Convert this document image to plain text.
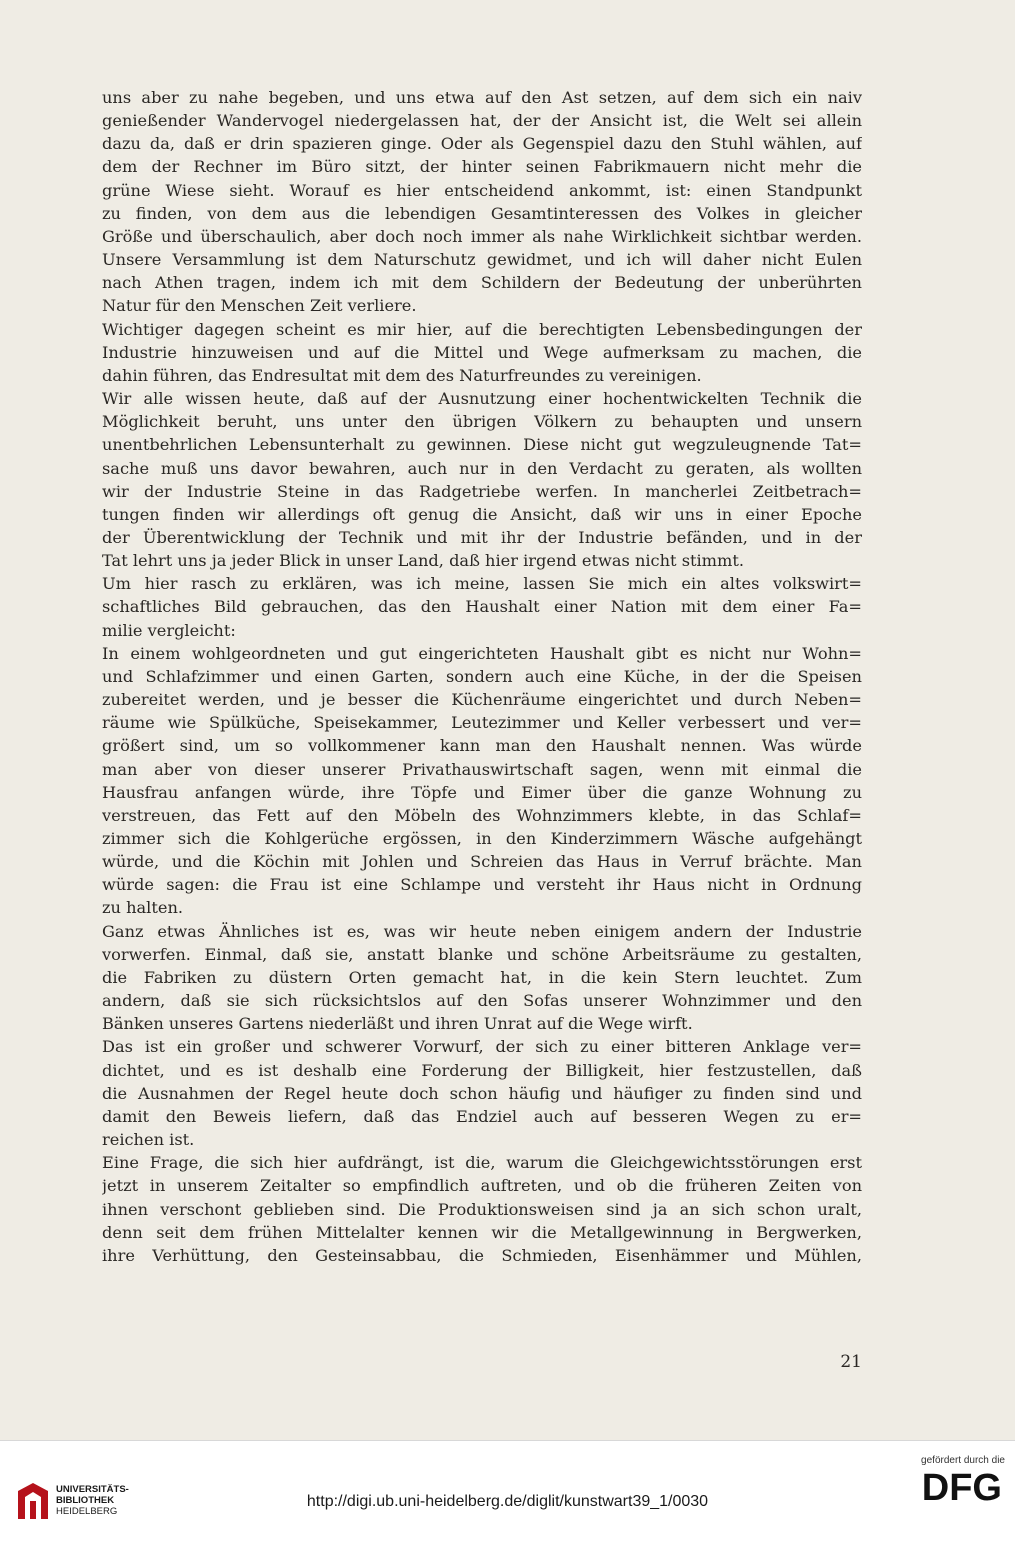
uns aber zu nahe begeben, und uns etwa auf den Ast setzen, auf dem sich ein naiv
genießender Wandervogel niedergelassen hat, der der Ansicht ist, die Welt sei allein
dazu da, daß er drin spazieren ginge. Oder als Gegenspiel dazu den Stuhl wählen, auf
dem der Rechner im Büro sitzt, der hinter seinen Fabrikmauern nicht mehr die
grüne Wiese sieht. Worauf es hier entscheidend ankommt, ist: einen Standpunkt
zu finden, von dem aus die lebendigen Gesamtinteressen des Volkes in gleicher
Größe und überschaulich, aber doch noch immer als nahe Wirklichkeit sichtbar werden.
Unsere Versammlung ist dem Naturschutz gewidmet, und ich will daher nicht Eulen
nach Athen tragen, indem ich mit dem Schildern der Bedeutung der unberührten
Natur für den Menschen Zeit verliere.
Wichtiger dagegen scheint es mir hier, auf die berechtigten Lebensbedingungen der
Industrie hinzuweisen und auf die Mittel und Wege aufmerksam zu machen, die
dahin führen, das Endresultat mit dem des Naturfreundes zu vereinigen.
Wir alle wissen heute, daß auf der Ausnutzung einer hochentwickelten Technik die
Möglichkeit beruht, uns unter den übrigen Völkern zu behaupten und unsern
unentbehrlichen Lebensunterhalt zu gewinnen. Diese nicht gut wegzuleugnende Tat=
sache muß uns davor bewahren, auch nur in den Verdacht zu geraten, als wollten
wir der Industrie Steine in das Radgetriebe werfen. In mancherlei Zeitbetrach=
tungen finden wir allerdings oft genug die Ansicht, daß wir uns in einer Epoche
der Überentwicklung der Technik und mit ihr der Industrie befänden, und in der
Tat lehrt uns ja jeder Blick in unser Land, daß hier irgend etwas nicht stimmt.
Um hier rasch zu erklären, was ich meine, lassen Sie mich ein altes volkswirt=
schaftliches Bild gebrauchen, das den Haushalt einer Nation mit dem einer Fa=
milie vergleicht:
In einem wohlgeordneten und gut eingerichteten Haushalt gibt es nicht nur Wohn=
und Schlafzimmer und einen Garten, sondern auch eine Küche, in der die Speisen
zubereitet werden, und je besser die Küchenräume eingerichtet und durch Neben=
räume wie Spülküche, Speisekammer, Leutezimmer und Keller verbessert und ver=
größert sind, um so vollkommener kann man den Haushalt nennen. Was würde
man aber von dieser unserer Privathauswirtschaft sagen, wenn mit einmal die
Hausfrau anfangen würde, ihre Töpfe und Eimer über die ganze Wohnung zu
verstreuen, das Fett auf den Möbeln des Wohnzimmers klebte, in das Schlaf=
zimmer sich die Kohlgerüche ergössen, in den Kinderzimmern Wäsche aufgehängt
würde, und die Köchin mit Johlen und Schreien das Haus in Verruf brächte. Man
würde sagen: die Frau ist eine Schlampe und versteht ihr Haus nicht in Ordnung
zu halten.
Ganz etwas Ähnliches ist es, was wir heute neben einigem andern der Industrie
vorwerfen. Einmal, daß sie, anstatt blanke und schöne Arbeitsräume zu gestalten,
die Fabriken zu düstern Orten gemacht hat, in die kein Stern leuchtet. Zum
andern, daß sie sich rücksichtslos auf den Sofas unserer Wohnzimmer und den
Bänken unseres Gartens niederläßt und ihren Unrat auf die Wege wirft.
Das ist ein großer und schwerer Vorwurf, der sich zu einer bitteren Anklage ver=
dichtet, und es ist deshalb eine Forderung der Billigkeit, hier festzustellen, daß
die Ausnahmen der Regel heute doch schon häufig und häufiger zu finden sind und
damit den Beweis liefern, daß das Endziel auch auf besseren Wegen zu er=
reichen ist.
Eine Frage, die sich hier aufdrängt, ist die, warum die Gleichgewichtsstörungen erst
jetzt in unserem Zeitalter so empfindlich auftreten, und ob die früheren Zeiten von
ihnen verschont geblieben sind. Die Produktionsweisen sind ja an sich schon uralt,
denn seit dem frühen Mittelalter kennen wir die Metallgewinnung in Bergwerken,
ihre Verhüttung, den Gesteinsabbau, die Schmieden, Eisenhämmer und Mühlen,
21
UNIVERSITÄTS-
BIBLIOTHEK
HEIDELBERG
http://digi.ub.uni-heidelberg.de/diglit/kunstwart39_1/0030
gefördert durch die
DFG
